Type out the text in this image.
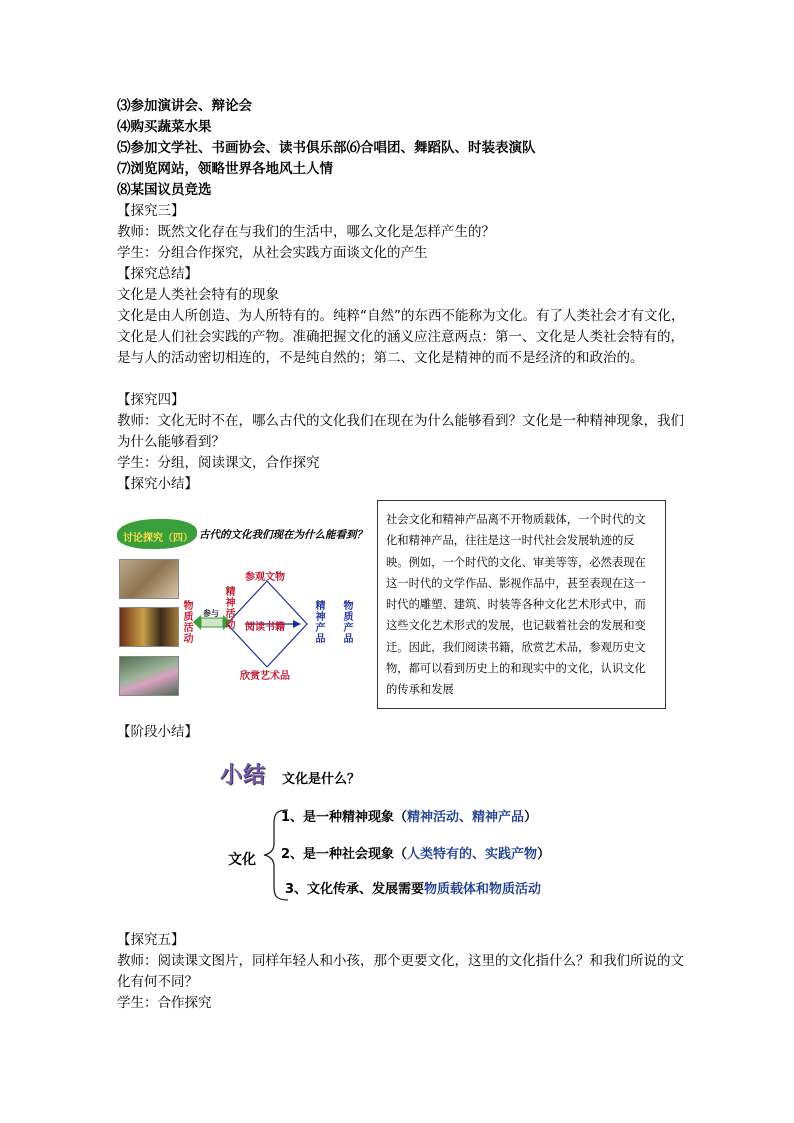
⑶参加演讲会、辩论会
⑷购买蔬菜水果
⑸参加文学社、书画协会、读书俱乐部⑹合唱团、舞蹈队、时装表演队
⑺浏览网站，领略世界各地风土人情
⑻某国议员竞选
【探究三】
教师：既然文化存在与我们的生活中，哪么文化是怎样产生的？
学生：分组合作探究，从社会实践方面谈文化的产生
【探究总结】
文化是人类社会特有的现象
文化是由人所创造、为人所特有的。纯粹“自然”的东西不能称为文化。有了人类社会才有文化，文化是人们社会实践的产物。准确把握文化的涵义应注意两点：第一、文化是人类社会特有的，是与人的活动密切相连的，不是纯自然的；第二、文化是精神的而不是经济的和政治的。
【探究四】
教师：文化无时不在，哪么古代的文化我们在现在为什么能够看到？文化是一种精神现象，我们为什么能够看到？
学生：分组，阅读课文，合作探究
【探究小结】
讨论探究（四） 古代的文化我们现在为什么能看到？
参观文物
阅读书籍
欣赏艺术品
物质活动
精神活动
参与
精神产品
物质产品
社会文化和精神产品离不开物质载体，一个时代的文化和精神产品，往往是这一时代社会发展轨迹的反映。例如，一个时代的文化、审美等等，必然表现在这一时代的文学作品、影视作品中，甚至表现在这一时代的雕塑、建筑、时装等各种文化艺术形式中，而这些文化艺术形式的发展，也记载着社会的发展和变迁。因此，我们阅读书籍，欣赏艺术品，参观历史文物，都可以看到历史上的和现实中的文化，认识文化的传承和发展
【阶段小结】
小结 文化是什么？
文化
1、是一种精神现象（精神活动、精神产品）
2、是一种社会现象（人类特有的、实践产物）
3、文化传承、发展需要物质载体和物质活动
【探究五】
教师：阅读课文图片，同样年轻人和小孩，那个更要文化，这里的文化指什么？和我们所说的文化有何不同？
学生：合作探究
